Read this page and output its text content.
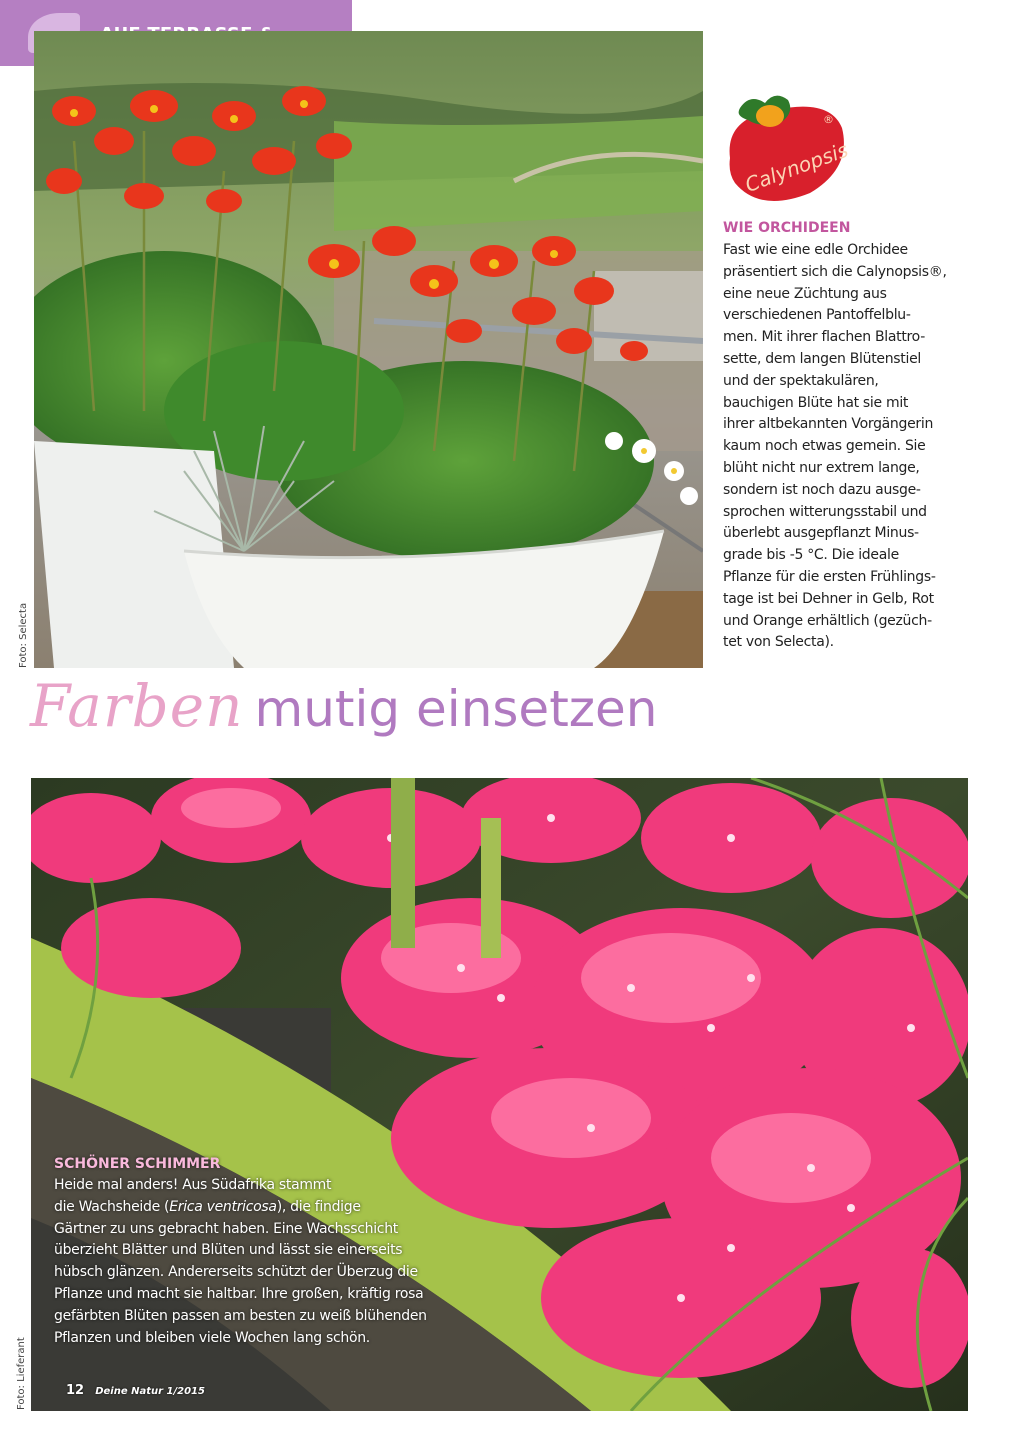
Foto: Selecta
Calynopsis
®
WIE ORCHIDEEN

Fast wie eine edle Orchidee
präsentiert sich die Calynopsis®,
eine neue Züchtung aus
verschiedenen Pantoffelblu-
men. Mit ihrer flachen Blattro-
sette, dem langen Blütenstiel
und der spektakulären,
bauchigen Blüte hat sie mit
ihrer altbekannten Vorgängerin
kaum noch etwas gemein. Sie
blüht nicht nur extrem lange,
sondern ist noch dazu ausge-
sprochen witterungsstabil und
überlebt ausgepflanzt Minus-
grade bis -5 °C. Die ideale
Pflanze für die ersten Frühlings-
tage ist bei Dehner in Gelb, Rot
und Orange erhältlich (gezüch-
tet von Selecta).

Farben mutig einsetzen
Foto: Lieferant
SCHÖNER SCHIMMER

Heide mal anders! Aus Südafrika stammt
die Wachsheide (Erica ventricosa), die findige
Gärtner zu uns gebracht haben. Eine Wachsschicht
überzieht Blätter und Blüten und lässt sie einerseits
hübsch glänzen. Andererseits schützt der Überzug die
Pflanze und macht sie haltbar. Ihre großen, kräftig rosa
gefärbten Blüten passen am besten zu weiß blühenden
Pflanzen und bleiben viele Wochen lang schön.

12 Deine Natur 1/2015
